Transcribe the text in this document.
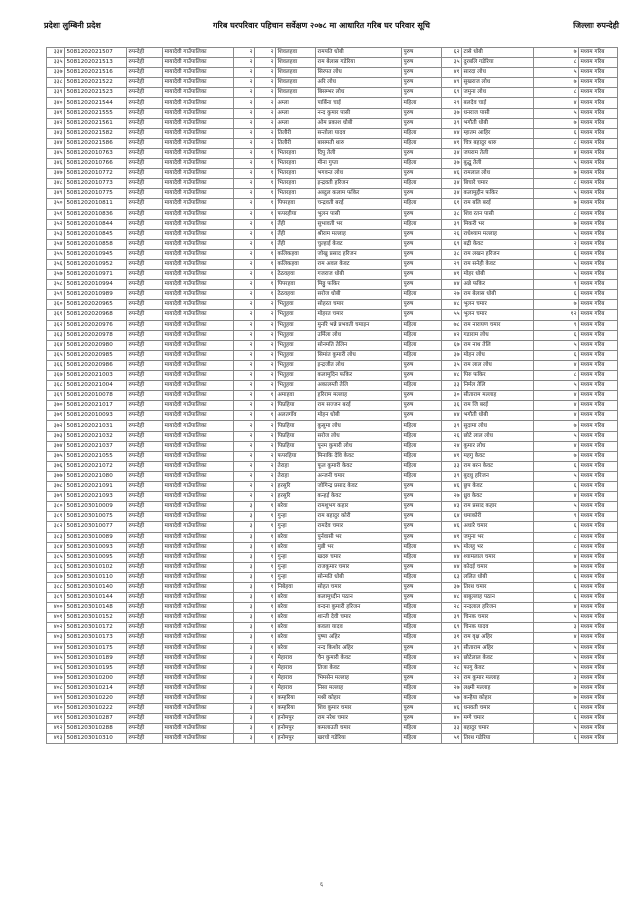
प्रदेशः लुम्बिनी प्रदेश	गरिब घरपरिवार पहिचान सर्वेक्षण २०७८ मा आधारित गरिब घर परिवार सूचि	जिल्लाः रुपन्देही
३३४	5081202021507	रुपन्देही	मायादेवी गाउँपालिका	२	२	शिवलहवा	रामपति धोबी	पुरुष	६२	टासे धोबी	७	मध्यम गरिब
३३५	5081202021513	रुपन्देही	मायादेवी गाउँपालिका	२	२	शिवलहवा	राम बेलास गडेरिया	पुरुष	३५	दुरबलि गडेरिया	८	मध्यम गरिब
३३७	5081202021516	रुपन्देही	मायादेवी गाउँपालिका	२	२	शिवलहवा	सिरपत लोध	पुरुष	४१	सारदा लोध	५	मध्यम गरिब
३३८	5081202021522	रुपन्देही	मायादेवी गाउँपालिका	२	२	शिवलहवा	अरि लोध	पुरुष	४९	सुखराज लोध	७	मध्यम गरिब
३३९	5081202021523	रुपन्देही	मायादेवी गाउँपालिका	२	२	शिवलहवा	बिसम्भर लोध	पुरुष	६९	जमुना लोध	८	मध्यम गरिब
३४०	5081202021544	रुपन्देही	मायादेवी गाउँपालिका	२	२	अम्ला	पार्बिना चाई	महिला	२९	बलदेव चाई	४	मध्यम गरिब
३४१	5081202021555	रुपन्देही	मायादेवी गाउँपालिका	२	२	अम्ला	नन्द कुमार पासी	पुरुष	३७	धनराज पासी	५	मध्यम गरिब
३४२	5081202021561	रुपन्देही	मायादेवी गाउँपालिका	२	२	अम्ला	ओम प्रकाश धोबी	पुरुष	३९	भगौती धोबी	७	मध्यम गरिब
३४३	5081202021582	रुपन्देही	मायादेवी गाउँपालिका	२	२	तिलौरी	सन्तोला यादव	महिला	४४	म्हातम आहिर	६	मध्यम गरिब
३४४	5081202021586	रुपन्देही	मायादेवी गाउँपालिका	२	२	तिलौरी	बासमती थारु	महिला	४१	चित्र बहादुर थारु	८	मध्यम गरिब
३४५	5081202010763	रुपन्देही	मायादेवी गाउँपालिका	२	१	भितरहवा	दिपु तेली	पुरुष	३४	जयराम तेली	४	मध्यम गरिब
३४६	5081202010766	रुपन्देही	मायादेवी गाउँपालिका	२	१	भितरहवा	मीना गुप्ता	महिला	३७	बुद्धु तेली	५	मध्यम गरिब
३४७	5081202010772	रुपन्देही	मायादेवी गाउँपालिका	२	१	भितरहवा	भगवन्त लोध	पुरुष	४६	रामलाल लोध	७	मध्यम गरिब
३४८	5081202010773	रुपन्देही	मायादेवी गाउँपालिका	२	१	भितरहवा	इन्द्रवती हरिजन	महिला	३४	बिचारे चमार	८	मध्यम गरिब
३४९	5081202010775	रुपन्देही	मायादेवी गाउँपालिका	२	१	भितरहवा	अब्दुल कलाम फकिर	पुरुष	३४	कलामुद्दीन फकिर	५	मध्यम गरिब
३५०	5081202010811	रुपन्देही	मायादेवी गाउँपालिका	२	१	पिपरहवा	चन्द्रवती बरई	महिला	६१	राम बलि बरई	७	मध्यम गरिब
३५१	5081202010836	रुपन्देही	मायादेवी गाउँपालिका	२	१	फपरहीया	भुलन पासी	पुरुष	३८	शिव रतन पासी	८	मध्यम गरिब
३५२	5081202010844	रुपन्देही	मायादेवी गाउँपालिका	२	१	तेंही	सुभावती भर	महिला	३९	मिकरी भर	७	मध्यम गरिब
३५३	5081202010845	रुपन्देही	मायादेवी गाउँपालिका	२	१	तेंही	श्रीराम मल्लाह	पुरुष	२६	राधेश्याम मल्लाह	५	मध्यम गरिब
३५४	5081202010858	रुपन्देही	मायादेवी गाउँपालिका	२	१	तेंही	चुल्हाई केवट	पुरुष	६९	बद्री केवट	२	मध्यम गरिब
३५५	5081202010945	रुपन्देही	मायादेवी गाउँपालिका	२	१	कलिकहवा	जोखु प्रसाद हरिजन	पुरुष	३८	राम लखन हरिजन	६	मध्यम गरिब
३५६	5081202010952	रुपन्देही	मायादेवी गाउँपालिका	२	१	कलिकहवा	राम अवल केवट	पुरुष	२९	राम सनेही केवट	५	मध्यम गरिब
३५७	5081202010971	रुपन्देही	मायादेवी गाउँपालिका	२	१	ठेठवहवा	गजराज धोबी	पुरुष	४१	मोहर धोबी	५	मध्यम गरिब
३५८	5081202010994	रुपन्देही	मायादेवी गाउँपालिका	२	१	पिपरहवा	मिठ्ठु फकिर	पुरुष	४४	अन्ने फकिर	९	मध्यम गरिब
३५९	5081202010989	रुपन्देही	मायादेवी गाउँपालिका	२	१	ठेठवहवा	सरोज धोबी	महिला	२७	राम बेलास धोबी	६	मध्यम गरिब
३६०	5081202020965	रुपन्देही	मायादेवी गाउँपालिका	२	२	भितुहवा	सोहरत चमार	पुरुष	४८	भुलन चमार	७	मध्यम गरिब
३६१	5081202020968	रुपन्देही	मायादेवी गाउँपालिका	२	२	भितुहवा	मोहरत चमार	पुरुष	५५	भुलन चमार	१२	मध्यम गरिब
३६२	5081202020976	रुपन्देही	मायादेवी गाउँपालिका	२	२	भितुहवा	मुनरि भन्ने प्रभवती चमाइन	महिला	७८	राम नारायण चमार	९	मध्यम गरिब
३६३	5081202020978	रुपन्देही	मायादेवी गाउँपालिका	२	२	भितुहवा	उर्मिला लोध	महिला	४२	गडाराम लोध	६	मध्यम गरिब
३६४	5081202020980	रुपन्देही	मायादेवी गाउँपालिका	२	२	भितुहवा	सोनमति तेलिन	महिला	६७	राम नाथ तेलि	५	मध्यम गरिब
३६५	5081202020985	रुपन्देही	मायादेवी गाउँपालिका	२	२	भितुहवा	सिमांत कुमारी लोध	महिला	३७	मोहन लोध	६	मध्यम गरिब
३६६	5081202020986	रुपन्देही	मायादेवी गाउँपालिका	२	२	भितुहवा	इन्द्रजीत लोध	पुरुष	३५	राम लाल लोध	४	मध्यम गरिब
३६७	5081202021003	रुपन्देही	मायादेवी गाउँपालिका	२	२	भितुहवा	कलामुदिन फकिर	पुरुष	४८	पिरु फकिर	८	मध्यम गरिब
३६८	5081202021004	रुपन्देही	मायादेवी गाउँपालिका	२	२	भितुहवा	अकालम्ती तेलि	महिला	३३	निर्मल तेलि	५	मध्यम गरिब
३६९	5081202010078	रुपन्देही	मायादेवी गाउँपालिका	२	१	अमाहवा	हरिराम मल्लाह	पुरुष	३०	सीताराम मल्लाह	४	मध्यम गरिब
३७०	5081202021017	रुपन्देही	मायादेवी गाउँपालिका	२	२	पिप्रहिया	राम सज्जन बरई	पुरुष	३६	राम जि बरई	४	मध्यम गरिब
३७१	5081202010093	रुपन्देही	मायादेवी गाउँपालिका	२	१	अलतगाँव	मोहन धोबी	पुरुष	४४	भगौती धोबी	४	मध्यम गरिब
३७२	5081202021031	रुपन्देही	मायादेवी गाउँपालिका	२	२	पिप्रहिया	कुसुमा लोध	महिला	३९	सुदामा लोध	७	मध्यम गरिब
३७३	5081202021032	रुपन्देही	मायादेवी गाउँपालिका	२	२	पिप्रहिया	सरोज लोध	महिला	२६	छोटे लाल लोध	५	मध्यम गरिब
३७४	5081202021037	रुपन्देही	मायादेवी गाउँपालिका	२	२	पिप्रहिया	पूनम कुमारी लोध	महिला	२४	कुमार लोध	४	मध्यम गरिब
३७५	5081202021055	रुपन्देही	मायादेवी गाउँपालिका	२	२	फपरहिया	मिनाकि देवि केवट	महिला	४१	महगु केवट	७	मध्यम गरिब
३७६	5081202021072	रुपन्देही	मायादेवी गाउँपालिका	२	२	तेराहा	फूल कुमारी केवट	महिला	३३	राम बरन केवट	६	मध्यम गरिब
३७७	5081202021080	रुपन्देही	मायादेवी गाउँपालिका	२	२	तेराहा	अन्जनी चमार	महिला	३९	बुदधु हरिजन	५	मध्यम गरिब
३७८	5081202021091	रुपन्देही	मायादेवी गाउँपालिका	२	२	हरसुरि	जोगिन्द्र प्रसाद केवट	पुरुष	४६	छुप केवट	६	मध्यम गरिब
३७९	5081202021093	रुपन्देही	मायादेवी गाउँपालिका	२	२	हरसुरि	कन्हई केवट	पुरुष	२७	ध्रुव केवट	४	मध्यम गरिब
३८०	5081203010009	रुपन्देही	मायादेवी गाउँपालिका	३	१	बरेवा	रामशुभग कहार	पुरुष	४३	राम प्रसाद कहार	५	मध्यम गरिब
३८१	5081203010075	रुपन्देही	मायादेवी गाउँपालिका	३	१	गुन्हा	राम बहादुर कोरी	पुरुष	६४	धमाकोरी	९	मध्यम गरिब
३८२	5081203010077	रुपन्देही	मायादेवी गाउँपालिका	३	१	गुन्हा	रामदेव चमार	पुरुष	४६	अधारे चमार	६	मध्यम गरिब
३८३	5081203010089	रुपन्देही	मायादेवी गाउँपालिका	३	१	बरेवा	पुर्नवासी भर	पुरुष	४१	जमुना भर	८	मध्यम गरिब
३८४	5081203010093	रुपन्देही	मायादेवी गाउँपालिका	३	१	बरेवा	मुन्नी भर	महिला	४५	मोलहु भर	८	मध्यम गरिब
३८५	5081203010095	रुपन्देही	मायादेवी गाउँपालिका	३	१	गुन्हा	खदरु चमार	महिला	४४	श्यामलाल चमार	४	मध्यम गरिब
३८६	5081203010102	रुपन्देही	मायादेवी गाउँपालिका	३	१	गुन्हा	राजकुमार चमार	पुरुष	४४	कोदई चमार	७	मध्यम गरिब
३८७	5081203010110	रुपन्देही	मायादेवी गाउँपालिका	३	१	गुन्हा	सोन्मति धोबी	महिला	६३	ललित धोबी	६	मध्यम गरिब
३८८	5081203010140	रुपन्देही	मायादेवी गाउँपालिका	३	१	निबेहवा	सोहत चमार	पुरुष	३७	तिरथ चमार	६	मध्यम गरिब
३८९	5081203010144	रुपन्देही	मायादेवी गाउँपालिका	३	१	बरेवा	कलामुध्दीन पठान	पुरुष	४८	बाबुल्लाह पठान	६	मध्यम गरिब
४००	5081203010148	रुपन्देही	मायादेवी गाउँपालिका	३	१	बरेवा	वन्दना कुमारी हरिजन	महिला	२८	नन्दलाल हरिजन	४	मध्यम गरिब
४०१	5081203010152	रुपन्देही	मायादेवी गाउँपालिका	३	१	बरेवा	शान्ती देवी चमार	महिला	३९	चिनक चमार	५	मध्यम गरिब
४०२	5081203010172	रुपन्देही	मायादेवी गाउँपालिका	३	१	बरेवा	कवला यादव	महिला	६९	चिनक यादव	३	मध्यम गरिब
४०३	5081203010173	रुपन्देही	मायादेवी गाउँपालिका	३	१	बरेवा	पुष्पा अहिर	महिला	३१	राम वृक्ष अहिर	४	मध्यम गरिब
४०४	5081203010175	रुपन्देही	मायादेवी गाउँपालिका	३	१	बरेवा	नन्द किशोर अहिर	पुरुष	३९	सीताराम अहिर	५	मध्यम गरिब
४०५	5081203010189	रुपन्देही	मायादेवी गाउँपालिका	३	१	मेहाराव	चैन कुमारी केवट	महिला	४२	छोटेलाल केवट	५	मध्यम गरिब
४०६	5081203010195	रुपन्देही	मायादेवी गाउँपालिका	३	१	मेहाराव	तिजा केवट	महिला	२८	फागु केवट	५	मध्यम गरिब
४०७	5081203010200	रुपन्देही	मायादेवी गाउँपालिका	३	१	मेहाराव	भिमसेन मल्लाह	पुरुष	२२	राम कुमार मल्लाह	३	मध्यम गरिब
४०८	5081203010214	रुपन्देही	मायादेवी गाउँपालिका	३	१	मेहाराव	निसा मल्लाह	महिला	२७	लक्ष्मी मल्लाह	७	मध्यम गरिब
४०९	5081203010220	रुपन्देही	मायादेवी गाउँपालिका	३	१	कम्हरिया	मश्री कोहार	महिला	५७	कन्हैया कोहार	७	मध्यम गरिब
४१०	5081203010222	रुपन्देही	मायादेवी गाउँपालिका	३	१	कम्हरिया	शिव कुमार चमार	पुरुष	४६	धनवती चमार	६	मध्यम गरिब
४११	5081203010287	रुपन्देही	मायादेवी गाउँपालिका	३	१	हनोमपुर	राम नरेश चमार	पुरुष	४०	मग्गे चमार	६	मध्यम गरिब
४१२	5081203010288	रुपन्देही	मायादेवी गाउँपालिका	३	१	हनोमपुर	कमलाउती चमार	महिला	३३	बहादुर चमार	५	मध्यम गरिब
४१३	5081203010310	रुपन्देही	मायादेवी गाउँपालिका	३	१	हनोमपुर	खरचो गडेरिया	महिला	५१	तिरथ गडेरिया	६	मध्यम गरिब
६
